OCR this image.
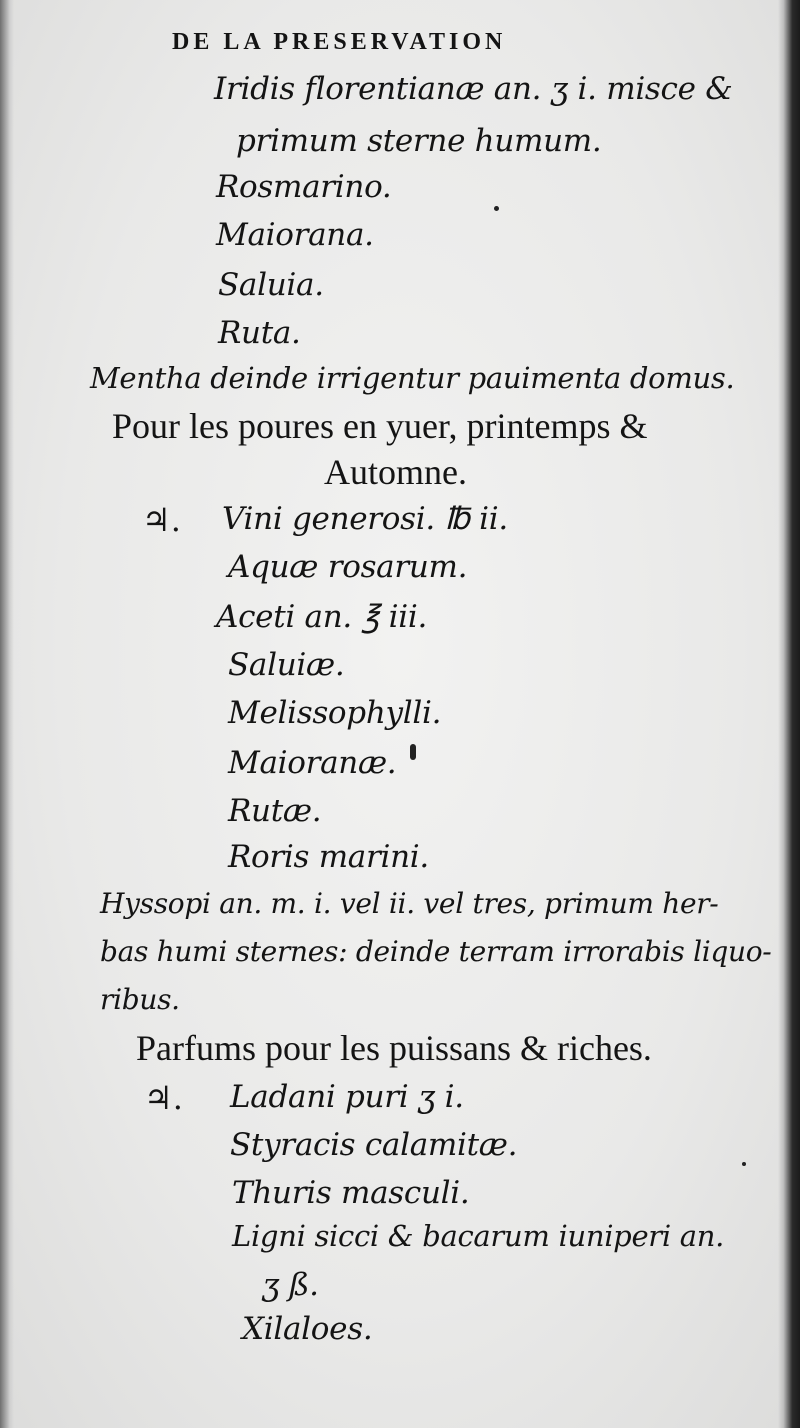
DE LA PRESERVATION

Iridis florentianæ an. ʒ i. misce &

primum sterne humum.

Rosmarino.

Maiorana.

Saluia.

Ruta.

Mentha deinde irrigentur pauimenta domus.

Pour les poures en yuer, printemps &

Automne.

♃. Vini generosi. ℔ ii.

Aquæ rosarum.

Aceti an. ℥ iii.

Saluiæ.

Melissophylli.

Maioranæ.

Rutæ.

Roris marini.

Hyssopi an. m. i. vel ii. vel tres, primum her-

bas humi sternes: deinde terram irrorabis liquo-

ribus.

Parfums pour les puissans & riches.

♃. Ladani puri ʒ i.

Styracis calamitæ.

Thuris masculi.

Ligni sicci & bacarum iuniperi an.

ʒ ß.

Xilaloes.
